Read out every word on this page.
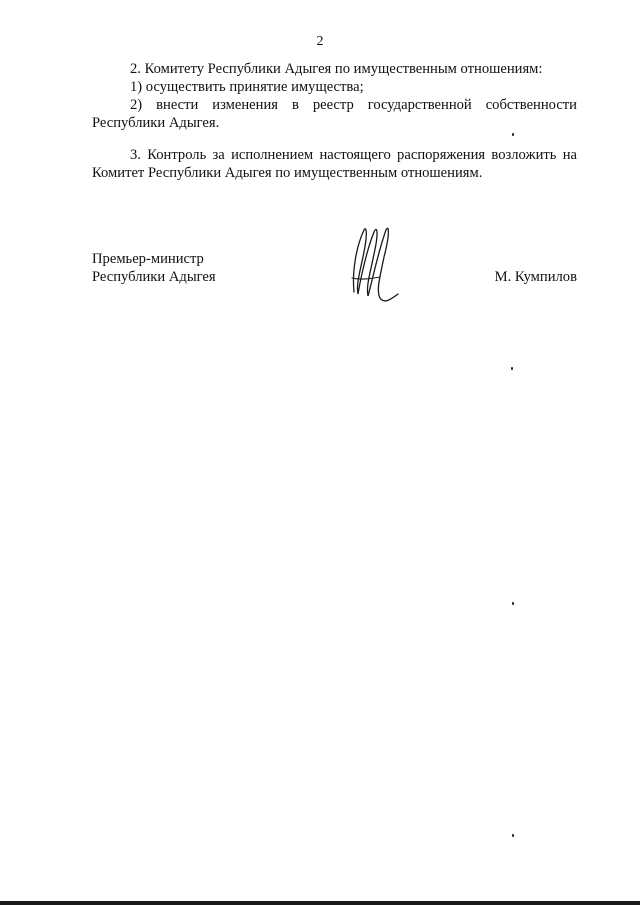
2

2. Комитету Республики Адыгея по имущественным отношениям:

1) осуществить принятие имущества;

2) внести изменения в реестр государственной собственности Республики Адыгея.

3. Контроль за исполнением настоящего распоряжения возложить на Комитет Республики Адыгея по имущественным отношениям.

Премьер-министр
Республики Адыгея	М. Кумпилов
